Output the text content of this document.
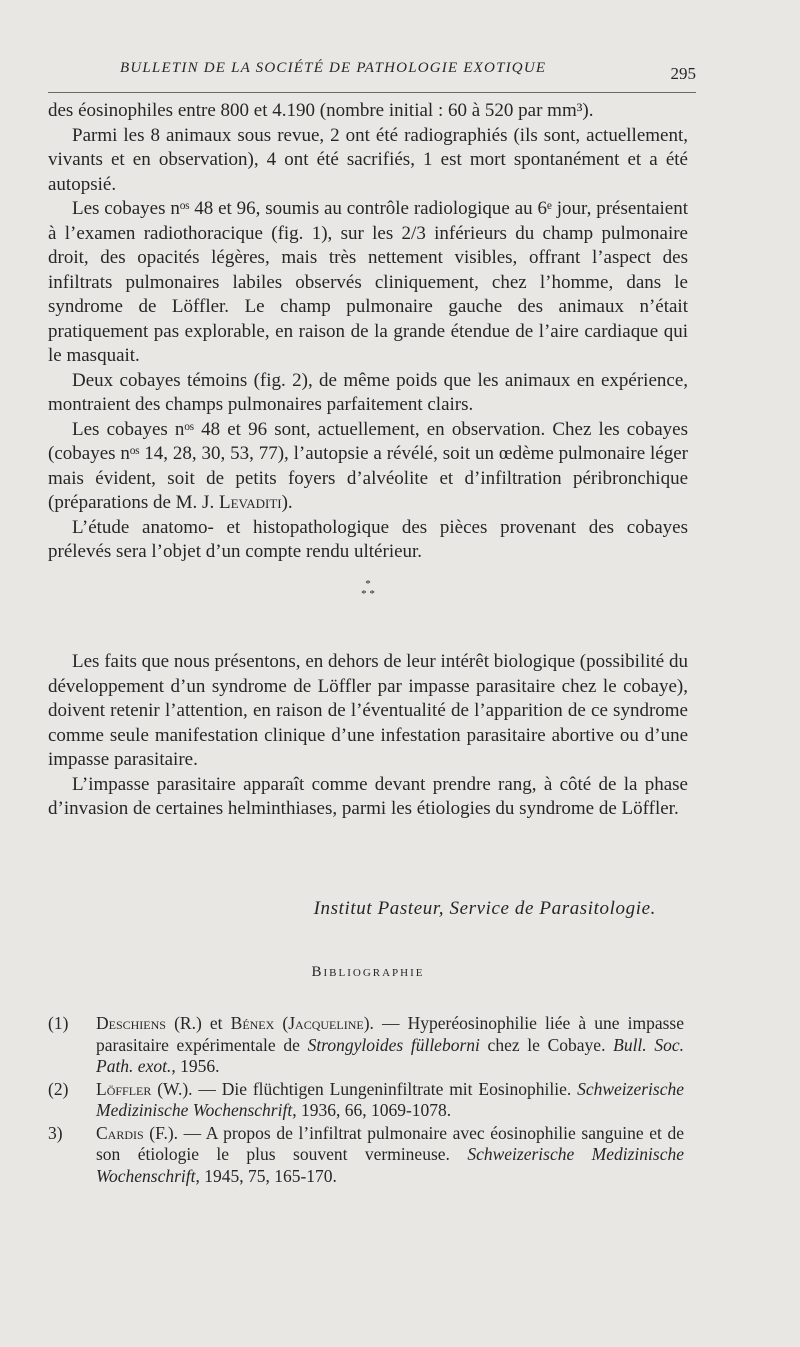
BULLETIN DE LA SOCIÉTÉ DE PATHOLOGIE EXOTIQUE	295

des éosinophiles entre 800 et 4.190 (nombre initial : 60 à 520 par mm³).

Parmi les 8 animaux sous revue, 2 ont été radiographiés (ils sont, actuellement, vivants et en observation), 4 ont été sacrifiés, 1 est mort spontanément et a été autopsié.

Les cobayes nᵒˢ 48 et 96, soumis au contrôle radiologique au 6ᵉ jour, présentaient à l’examen radiothoracique (fig. 1), sur les 2/3 inférieurs du champ pulmonaire droit, des opacités légères, mais très nettement visibles, offrant l’aspect des infiltrats pulmonaires labiles observés cliniquement, chez l’homme, dans le syndrome de Löffler. Le champ pulmonaire gauche des animaux n’était pratiquement pas explorable, en raison de la grande étendue de l’aire cardiaque qui le masquait.

Deux cobayes témoins (fig. 2), de même poids que les animaux en expérience, montraient des champs pulmonaires parfaitement clairs.

Les cobayes nᵒˢ 48 et 96 sont, actuellement, en observation. Chez les cobayes (cobayes nᵒˢ 14, 28, 30, 53, 77), l’autopsie a révélé, soit un œdème pulmonaire léger mais évident, soit de petits foyers d’alvéolite et d’infiltration péribronchique (préparations de M. J. Levaditi).

L’étude anatomo- et histopathologique des pièces provenant des cobayes prélevés sera l’objet d’un compte rendu ultérieur.

*
* *

Les faits que nous présentons, en dehors de leur intérêt biologique (possibilité du développement d’un syndrome de Löffler par impasse parasitaire chez le cobaye), doivent retenir l’attention, en raison de l’éventualité de l’apparition de ce syndrome comme seule manifestation clinique d’une infestation parasitaire abortive ou d’une impasse parasitaire.

L’impasse parasitaire apparaît comme devant prendre rang, à côté de la phase d’invasion de certaines helminthiases, parmi les étiologies du syndrome de Löffler.

Institut Pasteur, Service de Parasitologie.
Bibliographie

(1) Deschiens (R.) et Bénex (Jacqueline). — Hyperéosinophilie liée à une impasse parasitaire expérimentale de Strongyloides fülleborni chez le Cobaye. Bull. Soc. Path. exot., 1956.

(2) Löffler (W.). — Die flüchtigen Lungeninfiltrate mit Eosinophilie. Schweizerische Medizinische Wochenschrift, 1936, 66, 1069-1078.

3) Cardis (F.). — A propos de l’infiltrat pulmonaire avec éosinophilie sanguine et de son étiologie le plus souvent vermineuse. Schweizerische Medizinische Wochenschrift, 1945, 75, 165-170.
